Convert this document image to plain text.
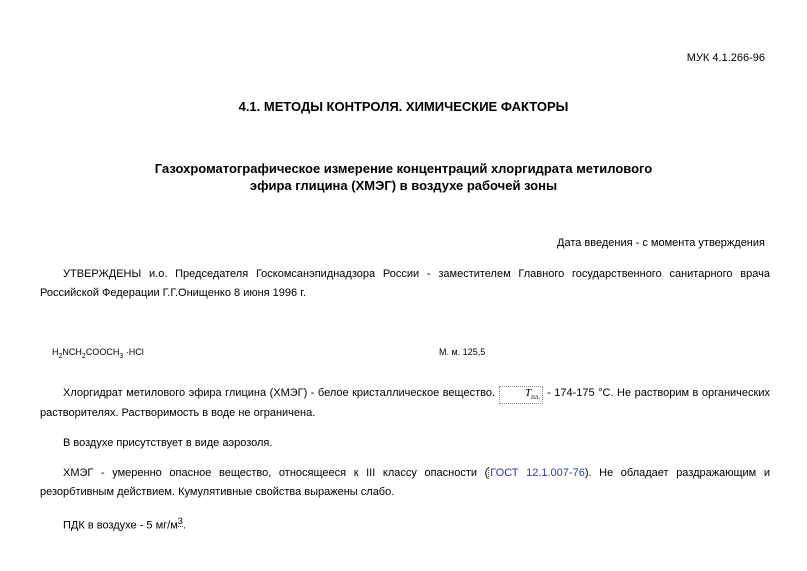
МУК 4.1.266-96
4.1. МЕТОДЫ КОНТРОЛЯ. ХИМИЧЕСКИЕ ФАКТОРЫ
Газохроматографическое измерение концентраций хлоргидрата метилового
эфира глицина (ХМЭГ) в воздухе рабочей зоны
Дата введения - с момента утверждения
УТВЕРЖДЕНЫ и.о. Председателя Госкомсанэпиднадзора России - заместителем Главного государственного санитарного врача Российской Федерации Г.Г.Онищенко 8 июня 1996 г.
$H_2NCH_2COOCH_3 \cdot HCl$	М. м. 125,5
Хлоргидрат метилового эфира глицина (ХМЭГ) - белое кристаллическое вещество.	$Т_{пл.} - 174-175$ °С. Не растворим в органических растворителях. Растворимость в воде не ограничена.
В воздухе присутствует в виде аэрозоля.
ХМЭГ - умеренно опасное вещество, относящееся к III классу опасности ( ГОСТ 12.1.007-76). Не обладает раздражающим и резорбтивным действием. Кумулятивные свойства выражены слабо.
ПДК в воздухе - 5 $мг/м^3$.
